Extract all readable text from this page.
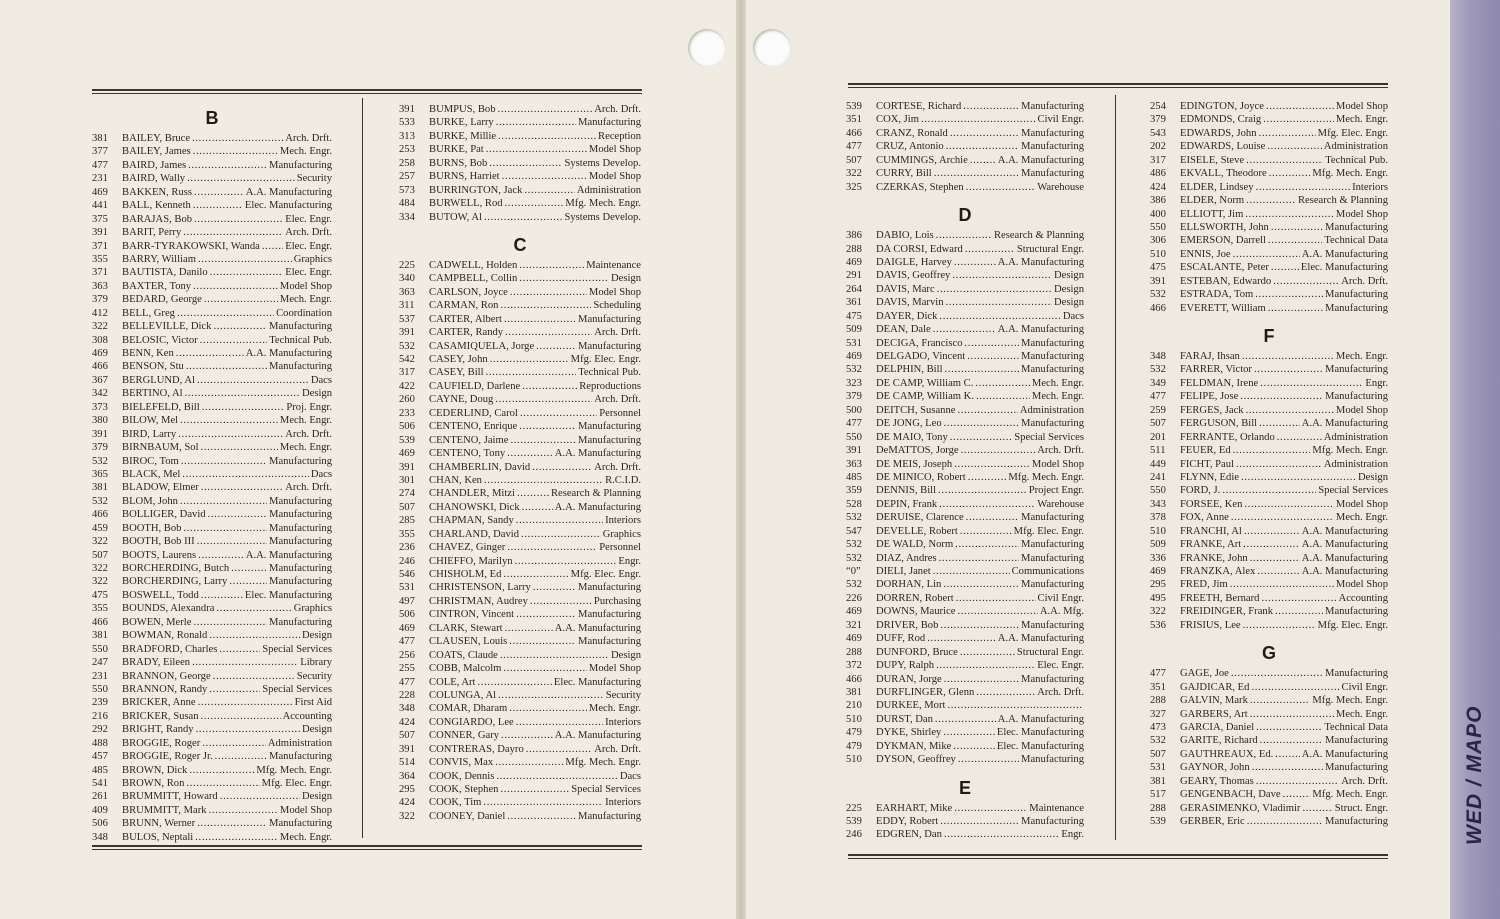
WED / MAPO
B
381	BAILEY, Bruce . . .	Arch. Drft.
377	BAILEY, James . . .	Mech. Engr.
477	BAIRD, James . . .	Manufacturing
231	BAIRD, Wally . . .	Security
469	BAKKEN, Russ . . .	A.A. Manufacturing
441	BALL, Kenneth . . .	Elec. Manufacturing
375	BARAJAS, Bob . . .	Elec. Engr.
391	BARIT, Perry . . .	Arch. Drft.
371	BARR-TYRAKOWSKI, Wanda . . . Elec. Engr.
355	BARRY, William . . .	Graphics
371	BAUTISTA, Danilo . . .	Elec. Engr.
363	BAXTER, Tony . . .	Model Shop
379	BEDARD, George . . .	Mech. Engr.
412	BELL, Greg . . .	Coordination
322	BELLEVILLE, Dick . . .	Manufacturing
308	BELOSIC, Victor . . .	Technical Pub.
469	BENN, Ken . . .	A.A. Manufacturing
466	BENSON, Stu . . .	Manufacturing
367	BERGLUND, Al . . .	Dacs
342	BERTINO, Al . . .	Design
373	BIELEFELD, Bill . . .	Proj. Engr.
380	BILOW, Mel . . .	Mech. Engr.
391	BIRD, Larry . . .	Arch. Drft.
379	BIRNBAUM, Sol . . .	Mech. Engr.
532	BIROC, Tom . . .	Manufacturing
365	BLACK, Mel . . .	Dacs
381	BLADOW, Elmer . . .	Arch. Drft.
532	BLOM, John . . .	Manufacturing
466	BOLLIGER, David . . .	Manufacturing
459	BOOTH, Bob . . .	Manufacturing
322	BOOTH, Bob III . . .	Manufacturing
507	BOOTS, Laurens . . .	A.A. Manufacturing
322	BORCHERDING, Butch . . .	Manufacturing
322	BORCHERDING, Larry . . .	Manufacturing
475	BOSWELL, Todd . . .	Elec. Manufacturing
355	BOUNDS, Alexandra . . .	Graphics
466	BOWEN, Merle . . .	Manufacturing
381	BOWMAN, Ronald . . .	Design
550	BRADFORD, Charles . . .	Special Services
247	BRADY, Eileen . . .	Library
231	BRANNON, George . . .	Security
550	BRANNON, Randy . . .	Special Services
239	BRICKER, Anne . . .	First Aid
216	BRICKER, Susan . . .	Accounting
292	BRIGHT, Randy . . .	Design
488	BROGGIE, Roger . . .	Administration
457	BROGGIE, Roger Jr. . . .	Manufacturing
485	BROWN, Dick . . .	Mfg. Mech. Engr.
541	BROWN, Ron . . .	Mfg. Elec. Engr.
261	BRUMMITT, Howard . . .	Design
409	BRUMMITT, Mark . . .	Model Shop
506	BRUNN, Werner . . .	Manufacturing
348	BULOS, Neptali . . .	Mech. Engr.
391	BUMPUS, Bob . . .	Arch. Drft.
533	BURKE, Larry . . .	Manufacturing
313	BURKE, Millie . . .	Reception
253	BURKE, Pat . . .	Model Shop
258	BURNS, Bob . . .	Systems Develop.
257	BURNS, Harriet . . .	Model Shop
573	BURRINGTON, Jack . . .	Administration
484	BURWELL, Rod . . .	Mfg. Mech. Engr.
334	BUTOW, Al . . .	Systems Develop.
C
225	CADWELL, Holden . . .	Maintenance
340	CAMPBELL, Collin . . .	Design
363	CARLSON, Joyce . . .	Model Shop
311	CARMAN, Ron . . .	Scheduling
537	CARTER, Albert . . .	Manufacturing
391	CARTER, Randy . . .	Arch. Drft.
532	CASAMIQUELA, Jorge . . .	Manufacturing
542	CASEY, John . . .	Mfg. Elec. Engr.
317	CASEY, Bill . . .	Technical Pub.
422	CAUFIELD, Darlene . . .	Reproductions
260	CAYNE, Doug . . .	Arch. Drft.
233	CEDERLIND, Carol . . .	Personnel
506	CENTENO, Enrique . . .	Manufacturing
539	CENTENO, Jaime . . .	Manufacturing
469	CENTENO, Tony . . .	A.A. Manufacturing
391	CHAMBERLIN, David . . .	Arch. Drft.
301	CHAN, Ken . . .	R.C.I.D.
274	CHANDLER, Mitzi . . .	Research & Planning
507	CHANOWSKI, Dick . . .	A.A. Manufacturing
285	CHAPMAN, Sandy . . .	Interiors
355	CHARLAND, David . . .	Graphics
236	CHAVEZ, Ginger . . .	Personnel
246	CHIEFFO, Marilyn . . .	Engr.
546	CHISHOLM, Ed . . .	Mfg. Elec. Engr.
531	CHRISTENSON, Larry . . .	Manufacturing
497	CHRISTMAN, Audrey . . .	Purchasing
506	CINTRON, Vincent . . .	Manufacturing
469	CLARK, Stewart . . .	A.A. Manufacturing
477	CLAUSEN, Louis . . .	Manufacturing
256	COATS, Claude . . .	Design
255	COBB, Malcolm . . .	Model Shop
477	COLE, Art . . .	Elec. Manufacturing
228	COLUNGA, Al . . .	Security
348	COMAR, Dharam . . .	Mech. Engr.
424	CONGIARDO, Lee . . .	Interiors
507	CONNER, Gary . . .	A.A. Manufacturing
391	CONTRERAS, Dayro . . .	Arch. Drft.
514	CONVIS, Max . . .	Mfg. Mech. Engr.
364	COOK, Dennis . . .	Dacs
295	COOK, Stephen . . .	Special Services
424	COOK, Tim . . .	Interiors
322	COONEY, Daniel . . .	Manufacturing
539	CORTESE, Richard . . .	Manufacturing
351	COX, Jim . . .	Civil Engr.
466	CRANZ, Ronald . . .	Manufacturing
477	CRUZ, Antonio . . .	Manufacturing
507	CUMMINGS, Archie . . .	A.A. Manufacturing
322	CURRY, Bill . . .	Manufacturing
325	CZERKAS, Stephen . . .	Warehouse
D
386	DABIO, Lois . . .	Research & Planning
288	DA CORSI, Edward . . .	Structural Engr.
469	DAIGLE, Harvey . . .	A.A. Manufacturing
291	DAVIS, Geoffrey . . .	Design
264	DAVIS, Marc . . .	Design
361	DAVIS, Marvin . . .	Design
475	DAYER, Dick . . .	Dacs
509	DEAN, Dale . . .	A.A. Manufacturing
531	DECIGA, Francisco . . .	Manufacturing
469	DELGADO, Vincent . . .	Manufacturing
532	DELPHIN, Bill . . .	Manufacturing
323	DE CAMP, William C. . . .	Mech. Engr.
379	DE CAMP, William K. . . .	Mech. Engr.
500	DEITCH, Susanne . . .	Administration
477	DE JONG, Leo . . .	Manufacturing
550	DE MAIO, Tony . . .	Special Services
391	DeMATTOS, Jorge . . .	Arch. Drft.
363	DE MEIS, Joseph . . .	Model Shop
485	DE MINICO, Robert . . .	Mfg. Mech. Engr.
359	DENNIS, Bill . . .	Project Engr.
528	DEPIN, Frank . . .	Warehouse
532	DERUISE, Clarence . . .	Manufacturing
547	DEVELLE, Robert . . .	Mfg. Elec. Engr.
532	DE WALD, Norm . . .	Manufacturing
532	DIAZ, Andres . . .	Manufacturing
“0”	DIELI, Janet . . .	Communications
532	DORHAN, Lin . . .	Manufacturing
226	DORREN, Robert . . .	Civil Engr.
469	DOWNS, Maurice . . .	A.A. Mfg.
321	DRIVER, Bob . . .	Manufacturing
469	DUFF, Rod . . .	A.A. Manufacturing
288	DUNFORD, Bruce . . .	Structural Engr.
372	DUPY, Ralph . . .	Elec. Engr.
466	DURAN, Jorge . . .	Manufacturing
381	DURFLINGER, Glenn . . .	Arch. Drft.
210	DURKEE, Mort
. . .
510	DURST, Dan . . .	A.A. Manufacturing
479	DYKE, Shirley . . .	Elec. Manufacturing
479	DYKMAN, Mike . . .	Elec. Manufacturing
510	DYSON, Geoffrey . . .	Manufacturing
E
225	EARHART, Mike . . .	Maintenance
539	EDDY, Robert . . .	Manufacturing
246	EDGREN, Dan . . .	Engr.
254	EDINGTON, Joyce . . .	Model Shop
379	EDMONDS, Craig . . .	Mech. Engr.
543	EDWARDS, John . . .	Mfg. Elec. Engr.
202	EDWARDS, Louise . . .	Administration
317	EISELE, Steve . . .	Technical Pub.
486	EKVALL, Theodore . . .	Mfg. Mech. Engr.
424	ELDER, Lindsey . . .	Interiors
386	ELDER, Norm . . .	Research & Planning
400	ELLIOTT, Jim . . .	Model Shop
550	ELLSWORTH, John . . .	Manufacturing
306	EMERSON, Darrell . . .	Technical Data
510	ENNIS, Joe . . .	A.A. Manufacturing
475	ESCALANTE, Peter . . .	Elec. Manufacturing
391	ESTEBAN, Edwardo . . .	Arch. Drft.
532	ESTRADA, Tom . . .	Manufacturing
466	EVERETT, William . . .	Manufacturing
F
348	FARAJ, Ihsan . . .	Mech. Engr.
532	FARRER, Victor . . .	Manufacturing
349	FELDMAN, Irene . . .	Engr.
477	FELIPE, Jose . . .	Manufacturing
259	FERGES, Jack . . .	Model Shop
507	FERGUSON, Bill . . .	A.A. Manufacturing
201	FERRANTE, Orlando . . .	Administration
511	FEUER, Ed . . .	Mfg. Mech. Engr.
449	FICHT, Paul . . .	Administration
241	FLYNN, Edie . . .	Design
550	FORD, J. . . .	Special Services
343	FORSEE, Ken . . .	Model Shop
378	FOX, Anne . . .	Mech. Engr.
510	FRANCHI, Al . . .	A.A. Manufacturing
509	FRANKE, Art . . .	A.A. Manufacturing
336	FRANKE, John . . .	A.A. Manufacturing
469	FRANZKA, Alex . . .	A.A. Manufacturing
295	FRED, Jim . . .	Model Shop
495	FREETH, Bernard . . .	Accounting
322	FREIDINGER, Frank . . .	Manufacturing
536	FRISIUS, Lee . . .	Mfg. Elec. Engr.
G
477	GAGE, Joe . . .	Manufacturing
351	GAJDICAR, Ed . . .	Civil Engr.
288	GALVIN, Mark . . .	Mfg. Mech. Engr.
327	GARBERS, Art . . .	Mech. Engr.
473	GARCIA, Daniel . . .	Technical Data
532	GARITE, Richard . . .	Manufacturing
507	GAUTHREAUX, Ed. . . .	A.A. Manufacturing
531	GAYNOR, John . . .	Manufacturing
381	GEARY, Thomas . . .	Arch. Drft.
517	GENGENBACH, Dave . . .	Mfg. Mech. Engr.
288	GERASIMENKO, Vladimir . . .	Struct. Engr.
539	GERBER, Eric . . .	Manufacturing
